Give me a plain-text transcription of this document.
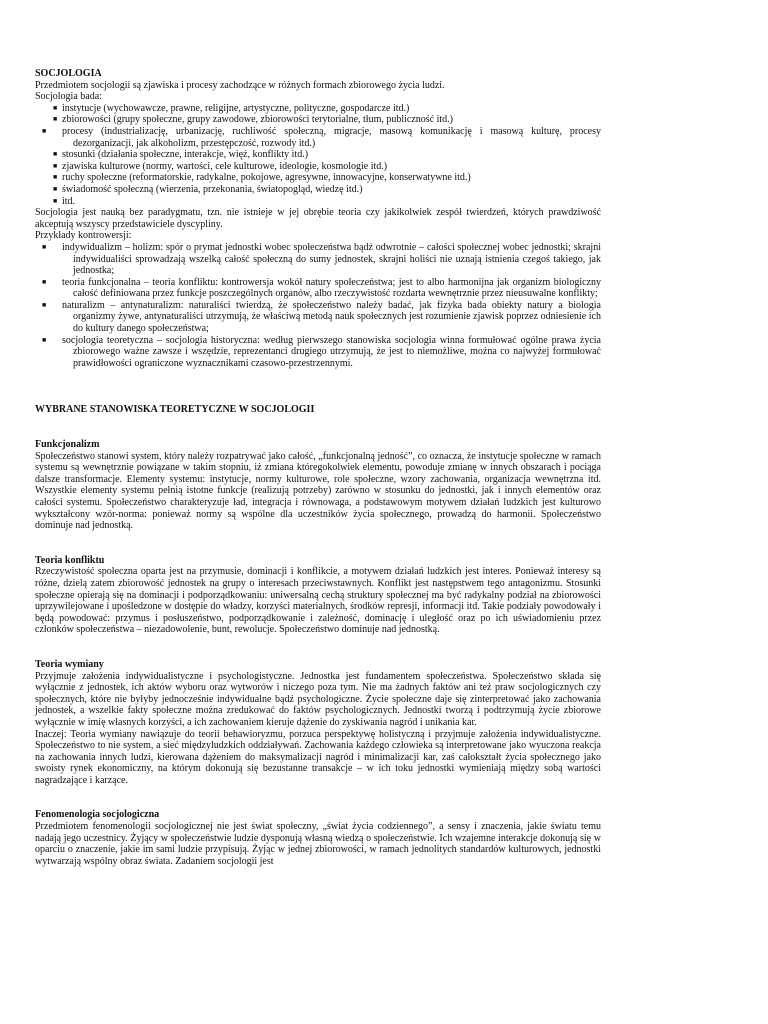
SOCJOLOGIA

Przedmiotem socjologii są zjawiska i procesy zachodzące w różnych formach zbiorowego życia ludzi.

Socjologia bada:

■ instytucje (wychowawcze, prawne, religijne, artystyczne, polityczne, gospodarcze itd.)
■ zbiorowości (grupy społeczne, grupy zawodowe, zbiorowości terytorialne, tłum, publiczność itd.)
■	procesy (industrializację, urbanizację, ruchliwość społeczną, migracje, masową komunikację i masową kulturę, procesy dezorganizacji, jak alkoholizm, przestępczość, rozwody itd.)
■ stosunki (działania społeczne, interakcje, więź, konflikty itd.)
■ zjawiska kulturowe (normy, wartości, cele kulturowe, ideologie, kosmologie itd.)
■ ruchy społeczne (reformatorskie, radykalne, pokojowe, agresywne, innowacyjne, konserwatywne itd.)
■ świadomość społeczną (wierzenia, przekonania, światopogląd, wiedzę itd.)
■ itd.

Socjologia jest nauką bez paradygmatu, tzn. nie istnieje w jej obrębie teoria czy jakikolwiek zespół twierdzeń, których prawdziwość akceptują wszyscy przedstawiciele dyscypliny.

Przykłady kontrowersji:

■	indywidualizm – holizm: spór o prymat jednostki wobec społeczeństwa bądź odwrotnie – całości społecznej wobec jednostki; skrajni indywidualiści sprowadzają wszelką całość społeczną do sumy jednostek, skrajni holiści nie uznają istnienia czegoś takiego, jak jednostka;
■	teoria funkcjonalna – teoria konfliktu: kontrowersja wokół natury społeczeństwa; jest to albo harmonijna jak organizm biologiczny całość definiowana przez funkcje poszczególnych organów, albo rzeczywistość rozdarta wewnętrznie przez nieusuwalne konflikty;
■	naturalizm – antynaturalizm: naturaliści twierdzą, że społeczeństwo należy badać, jak fizyka bada obiekty natury a biologia organizmy żywe, antynaturaliści utrzymują, że właściwą metodą nauk społecznych jest rozumienie zjawisk poprzez odniesienie ich do kultury danego społeczeństwa;
■	socjologia teoretyczna – socjologia historyczna: według pierwszego stanowiska socjologia winna formułować ogólne prawa życia zbiorowego ważne zawsze i wszędzie, reprezentanci drugiego utrzymują, że jest to niemożliwe, można co najwyżej formułować prawidłowości ograniczone wyznacznikami czasowo-przestrzennymi.
WYBRANE STANOWISKA TEORETYCZNE W SOCJOLOGII
Funkcjonalizm

Społeczeństwo stanowi system, który należy rozpatrywać jako całość, „funkcjonalną jedność”, co oznacza, że instytucje społeczne w ramach systemu są wewnętrznie powiązane w takim stopniu, iż zmiana któregokolwiek elementu, powoduje zmianę w innych obszarach i pociąga dalsze transformacje. Elementy systemu: instytucje, normy kulturowe, role społeczne, wzory zachowania, organizacja wewnętrzna itd. Wszystkie elementy systemu pełnią istotne funkcje (realizują potrzeby) zarówno w stosunku do jednostki, jak i innych elementów oraz całości systemu. Społeczeństwo charakteryzuje ład, integracja i równowaga, a podstawowym motywem działań ludzkich jest kulturowo wykształcony wzór-norma: ponieważ normy są wspólne dla uczestników życia społecznego, prowadzą do harmonii. Społeczeństwo dominuje nad jednostką.

Teoria konfliktu

Rzeczywistość społeczna oparta jest na przymusie, dominacji i konflikcie, a motywem działań ludzkich jest interes. Ponieważ interesy są różne, dzielą zatem zbiorowość jednostek na grupy o interesach przeciwstawnych. Konflikt jest następstwem tego antagonizmu. Stosunki społeczne opierają się na dominacji i podporządkowaniu: uniwersalną cechą struktury społecznej ma być radykalny podział na zbiorowości uprzywilejowane i upośledzone w dostępie do władzy, korzyści materialnych, środków represji, informacji itd. Takie podziały powodowały i będą powodować: przymus i posłuszeństwo, podporządkowanie i zależność, dominację i uległość oraz po ich uświadomieniu przez członków społeczeństwa – niezadowolenie, bunt, rewolucje. Społeczeństwo dominuje nad jednostką.

Teoria wymiany

Przyjmuje założenia indywidualistyczne i psychologistyczne. Jednostka jest fundamentem społeczeństwa. Społeczeństwo składa się wyłącznie z jednostek, ich aktów wyboru oraz wytworów i niczego poza tym. Nie ma żadnych faktów ani też praw socjologicznych czy społecznych, które nie byłyby jednocześnie indywidualne bądź psychologiczne. Życie społeczne daje się zinterpretować jako zachowania jednostek, a wszelkie fakty społeczne można zredukować do faktów psychologicznych. Jednostki tworzą i podtrzymują życie zbiorowe wyłącznie w imię własnych korzyści, a ich zachowaniem kieruje dążenie do zyskiwania nagród i unikania kar.

Inaczej: Teoria wymiany nawiązuje do teorii behawioryzmu, porzuca perspektywę holistyczną i przyjmuje założenia indywidualistyczne. Społeczeństwo to nie system, a sieć międzyludzkich oddziaływań. Zachowania każdego człowieka są interpretowane jako wyuczona reakcja na zachowania innych ludzi, kierowana dążeniem do maksymalizacji nagród i minimalizacji kar, zaś całokształt życia społecznego jako swoisty rynek ekonomiczny, na którym dokonują się bezustanne transakcje – w ich toku jednostki wymieniają między sobą wartości nagradzające i karzące.

Fenomenologia socjologiczna

Przedmiotem fenomenologii socjologicznej nie jest świat społeczny, „świat życia codziennego”, a sensy i znaczenia, jakie światu temu nadają jego uczestnicy. Żyjący w społeczeństwie ludzie dysponują własną wiedzą o społeczeństwie. Ich wzajemne interakcje dokonują się w oparciu o znaczenie, jakie im sami ludzie przypisują. Żyjąc w jednej zbiorowości, w ramach jednolitych standardów kulturowych, jednostki wytwarzają wspólny obraz świata. Zadaniem socjologii jest
